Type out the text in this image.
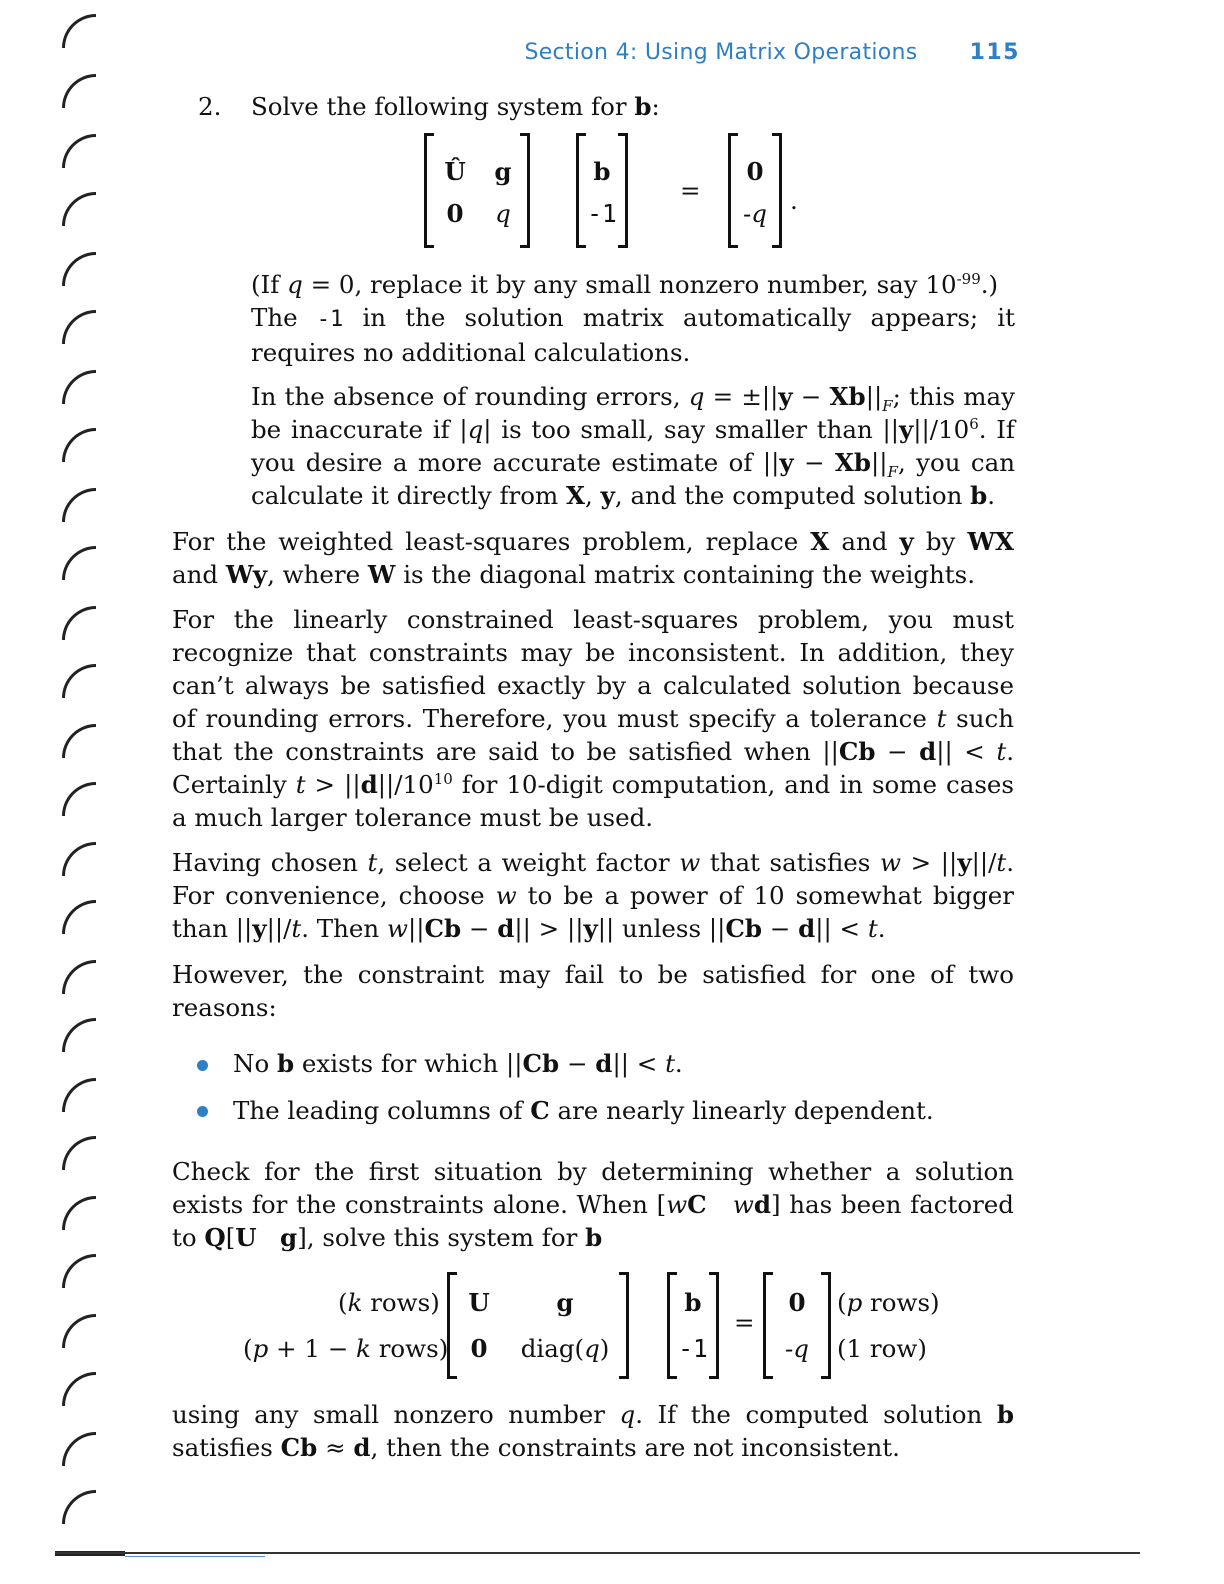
Section 4: Using Matrix Operations 115
2. Solve the following system for b:
Û g
0 q
b
-1
=
0
-q .
(If q = 0, replace it by any small nonzero number, say $10^{-99}$.)
The -1 in the solution matrix automatically appears; it
requires no additional calculations.
In the absence of rounding errors, $q = \pm||y - Xb||_F$; this may
be inaccurate if |q| is too small, say smaller than $||y||/10^6$. If
you desire a more accurate estimate of $||y - Xb||_F$, you can
calculate it directly from X, y, and the computed solution b.
For the weighted least-squares problem, replace X and y by WX
and Wy, where W is the diagonal matrix containing the weights.
For the linearly constrained least-squares problem, you must
recognize that constraints may be inconsistent. In addition, they
can’t always be satisfied exactly by a calculated solution because
of rounding errors. Therefore, you must specify a tolerance t such
that the constraints are said to be satisfied when ||Cb − d|| < t.
Certainly $t > ||d||/10^{10}$ for 10-digit computation, and in some cases
a much larger tolerance must be used.
Having chosen t, select a weight factor w that satisfies w > ||y||/t.
For convenience, choose w to be a power of 10 somewhat bigger
than ||y||/t. Then w||Cb − d|| > ||y|| unless ||Cb − d|| < t.
However, the constraint may fail to be satisfied for one of two
reasons:
No b exists for which ||Cb − d|| < t.
The leading columns of C are nearly linearly dependent.
Check for the first situation by determining whether a solution
exists for the constraints alone. When [wC wd] has been factored
to Q[U g], solve this system for b
(k rows)
(p + 1 − k rows)
U	g
0	diag(q)
b
-1
=
0
-q
(p rows)
(1 row)
using any small nonzero number q. If the computed solution b
satisfies Cb ≈ d, then the constraints are not inconsistent.
